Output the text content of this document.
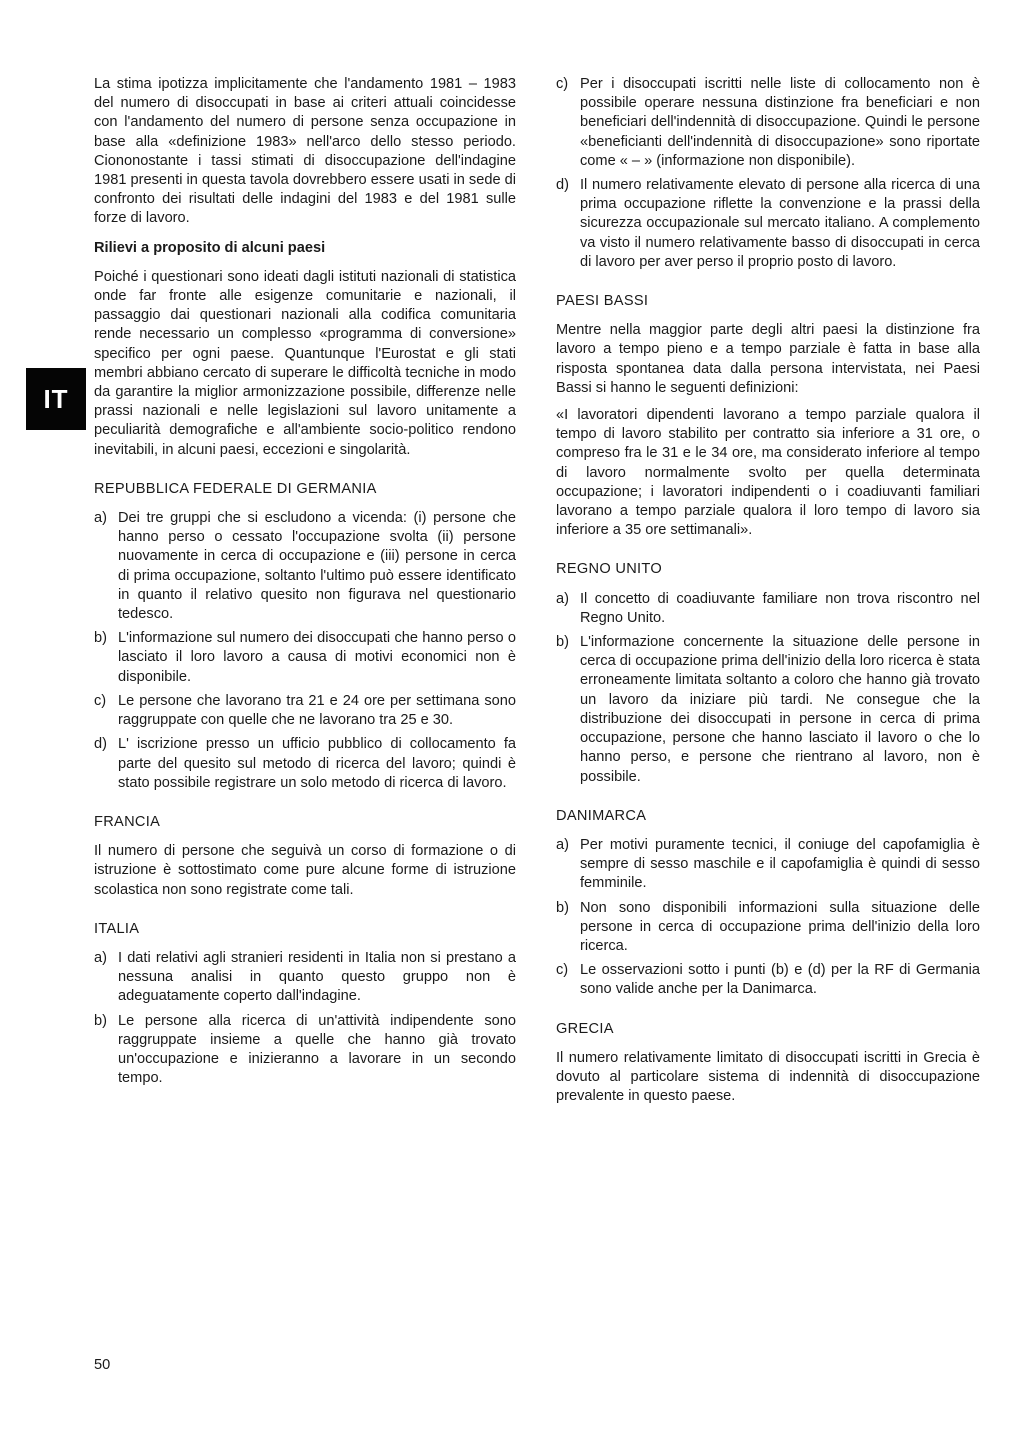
IT

La stima ipotizza implicitamente che l'andamento 1981 – 1983 del numero di disoccupati in base ai criteri attuali coincidesse con l'andamento del numero di persone senza occupazione in base alla «definizione 1983» nell'arco dello stesso periodo. Ciononostante i tassi stimati di disoccupazione dell'indagine 1981 presenti in questa tavola dovrebbero essere usati in sede di confronto dei risultati delle indagini del 1983 e del 1981 sulle forze di lavoro.

Rilievi a proposito di alcuni paesi

Poiché i questionari sono ideati dagli istituti nazionali di statistica onde far fronte alle esigenze comunitarie e nazionali, il passaggio dai questionari nazionali alla codifica comunitaria rende necessario un complesso «programma di conversione» specifico per ogni paese. Quantunque l'Eurostat e gli stati membri abbiano cercato di superare le difficoltà tecniche in modo da garantire la miglior armonizzazione possibile, differenze nelle prassi nazionali e nelle legislazioni sul lavoro unitamente a peculiarità demografiche e all'ambiente socio-politico rendono inevitabili, in alcuni paesi, eccezioni e singolarità.

REPUBBLICA FEDERALE DI GERMANIA

a) Dei tre gruppi che si escludono a vicenda: (i) persone che hanno perso o cessato l'occupazione svolta (ii) persone nuovamente in cerca di occupazione e (iii) persone in cerca di prima occupazione, soltanto l'ultimo può essere identificato in quanto il relativo quesito non figurava nel questionario tedesco.
b) L'informazione sul numero dei disoccupati che hanno perso o lasciato il loro lavoro a causa di motivi economici non è disponibile.
c) Le persone che lavorano tra 21 e 24 ore per settimana sono raggruppate con quelle che ne lavorano tra 25 e 30.
d) L' iscrizione presso un ufficio pubblico di collocamento fa parte del quesito sul metodo di ricerca del lavoro; quindi è stato possibile registrare un solo metodo di ricerca di lavoro.

FRANCIA

Il numero di persone che seguivà un corso di formazione o di istruzione è sottostimato come pure alcune forme di istruzione scolastica non sono registrate come tali.

ITALIA

a) I dati relativi agli stranieri residenti in Italia non si prestano a nessuna analisi in quanto questo gruppo non è adeguatamente coperto dall'indagine.
b) Le persone alla ricerca di un'attività indipendente sono raggruppate insieme a quelle che hanno già trovato un'occupazione e inizieranno a lavorare in un secondo tempo.
c) Per i disoccupati iscritti nelle liste di collocamento non è possibile operare nessuna distinzione fra beneficiari e non beneficiari dell'indennità di disoccupazione. Quindi le persone «beneficianti dell'indennità di disoccupazione» sono riportate come « – » (informazione non disponibile).
d) Il numero relativamente elevato di persone alla ricerca di una prima occupazione riflette la convenzione e la prassi della sicurezza occupazionale sul mercato italiano. A complemento va visto il numero relativamente basso di disoccupati in cerca di lavoro per aver perso il proprio posto di lavoro.

PAESI BASSI

Mentre nella maggior parte degli altri paesi la distinzione fra lavoro a tempo pieno e a tempo parziale è fatta in base alla risposta spontanea data dalla persona intervistata, nei Paesi Bassi si hanno le seguenti definizioni:

«I lavoratori dipendenti lavorano a tempo parziale qualora il tempo di lavoro stabilito per contratto sia inferiore a 31 ore, o compreso fra le 31 e le 34 ore, ma considerato inferiore al tempo di lavoro normalmente svolto per quella determinata occupazione; i lavoratori indipendenti o i coadiuvanti familiari lavorano a tempo parziale qualora il loro tempo di lavoro sia inferiore a 35 ore settimanali».

REGNO UNITO

a) Il concetto di coadiuvante familiare non trova riscontro nel Regno Unito.
b) L'informazione concernente la situazione delle persone in cerca di occupazione prima dell'inizio della loro ricerca è stata erroneamente limitata soltanto a coloro che hanno già trovato un lavoro da iniziare più tardi. Ne consegue che la distribuzione dei disoccupati in persone in cerca di prima occupazione, persone che hanno lasciato il lavoro o che lo hanno perso, e persone che rientrano al lavoro, non è possibile.

DANIMARCA

a) Per motivi puramente tecnici, il coniuge del capofamiglia è sempre di sesso maschile e il capofamiglia è quindi di sesso femminile.
b) Non sono disponibili informazioni sulla situazione delle persone in cerca di occupazione prima dell'inizio della loro ricerca.
c) Le osservazioni sotto i punti (b) e (d) per la RF di Germania sono valide anche per la Danimarca.

GRECIA

Il numero relativamente limitato di disoccupati iscritti in Grecia è dovuto al particolare sistema di indennità di disoccupazione prevalente in questo paese.

50
